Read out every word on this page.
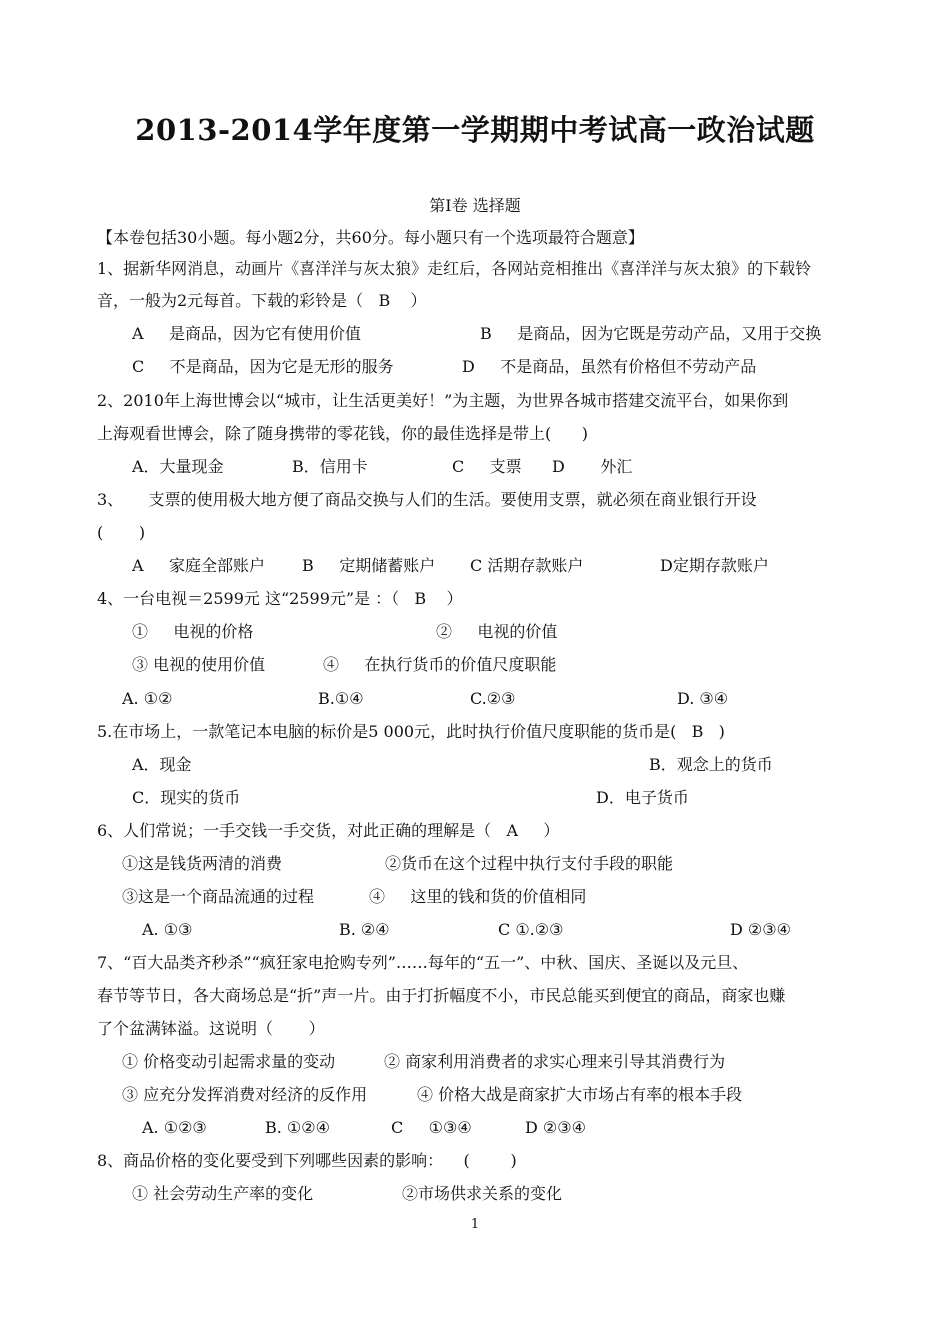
2013-2014学年度第一学期期中考试高一政治试题
第Ⅰ卷 选择题
【本卷包括30小题。每小题2分，共60分。每小题只有一个选项最符合题意】
1、据新华网消息，动画片《喜洋洋与灰太狼》走红后，各网站竞相推出《喜洋洋与灰太狼》的下载铃
音，一般为2元每首。下载的彩铃是（   B    ）
A     是商品，因为它有使用价值	B     是商品，因为它既是劳动产品，又用于交换
C     不是商品，因为它是无形的服务	D     不是商品，虽然有价格但不劳动产品
2、2010年上海世博会以“城市，让生活更美好！”为主题，为世界各城市搭建交流平台，如果你到
上海观看世博会，除了随身携带的零花钱，你的最佳选择是带上(      )
A．大量现金	B．信用卡	C     支票 D       外汇
3、     支票的使用极大地方便了商品交换与人们的生活。要使用支票，就必须在商业银行开设
(       )
A     家庭全部账户 B     定期储蓄账户 C 活期存款账户	D定期存款账户
4、一台电视＝2599元 这“2599元”是 ：（   B    ）
①     电视的价格	②     电视的价值
③ 电视的使用价值	④     在执行货币的价值尺度职能
A. ①②	B.①④	C.②③	D. ③④
5.在市场上，一款笔记本电脑的标价是5 000元，此时执行价值尺度职能的货币是(   B   )
A．现金	B．观念上的货币
C．现实的货币	D．电子货币
6、人们常说；一手交钱一手交货，对此正确的理解是（   A     ）
①这是钱货两清的消费	②货币在这个过程中执行支付手段的职能
③这是一个商品流通的过程	④     这里的钱和货的价值相同
A. ①③	B. ②④	C ①.②③	D ②③④
7、“百大品类齐秒杀”“疯狂家电抢购专列”……每年的“五一”、中秋、国庆、圣诞以及元旦、
春节等节日，各大商场总是“折”声一片。由于打折幅度不小，市民总能买到便宜的商品，商家也赚
了个盆满钵溢。这说明（       ）
① 价格变动引起需求量的变动	② 商家利用消费者的求实心理来引导其消费行为
③ 应充分发挥消费对经济的反作用	④ 价格大战是商家扩大市场占有率的根本手段
A. ①②③	B. ①②④	C     ①③④	D ②③④
8、商品价格的变化要受到下列哪些因素的影响：    (        )
① 社会劳动生产率的变化	②市场供求关系的变化
1
